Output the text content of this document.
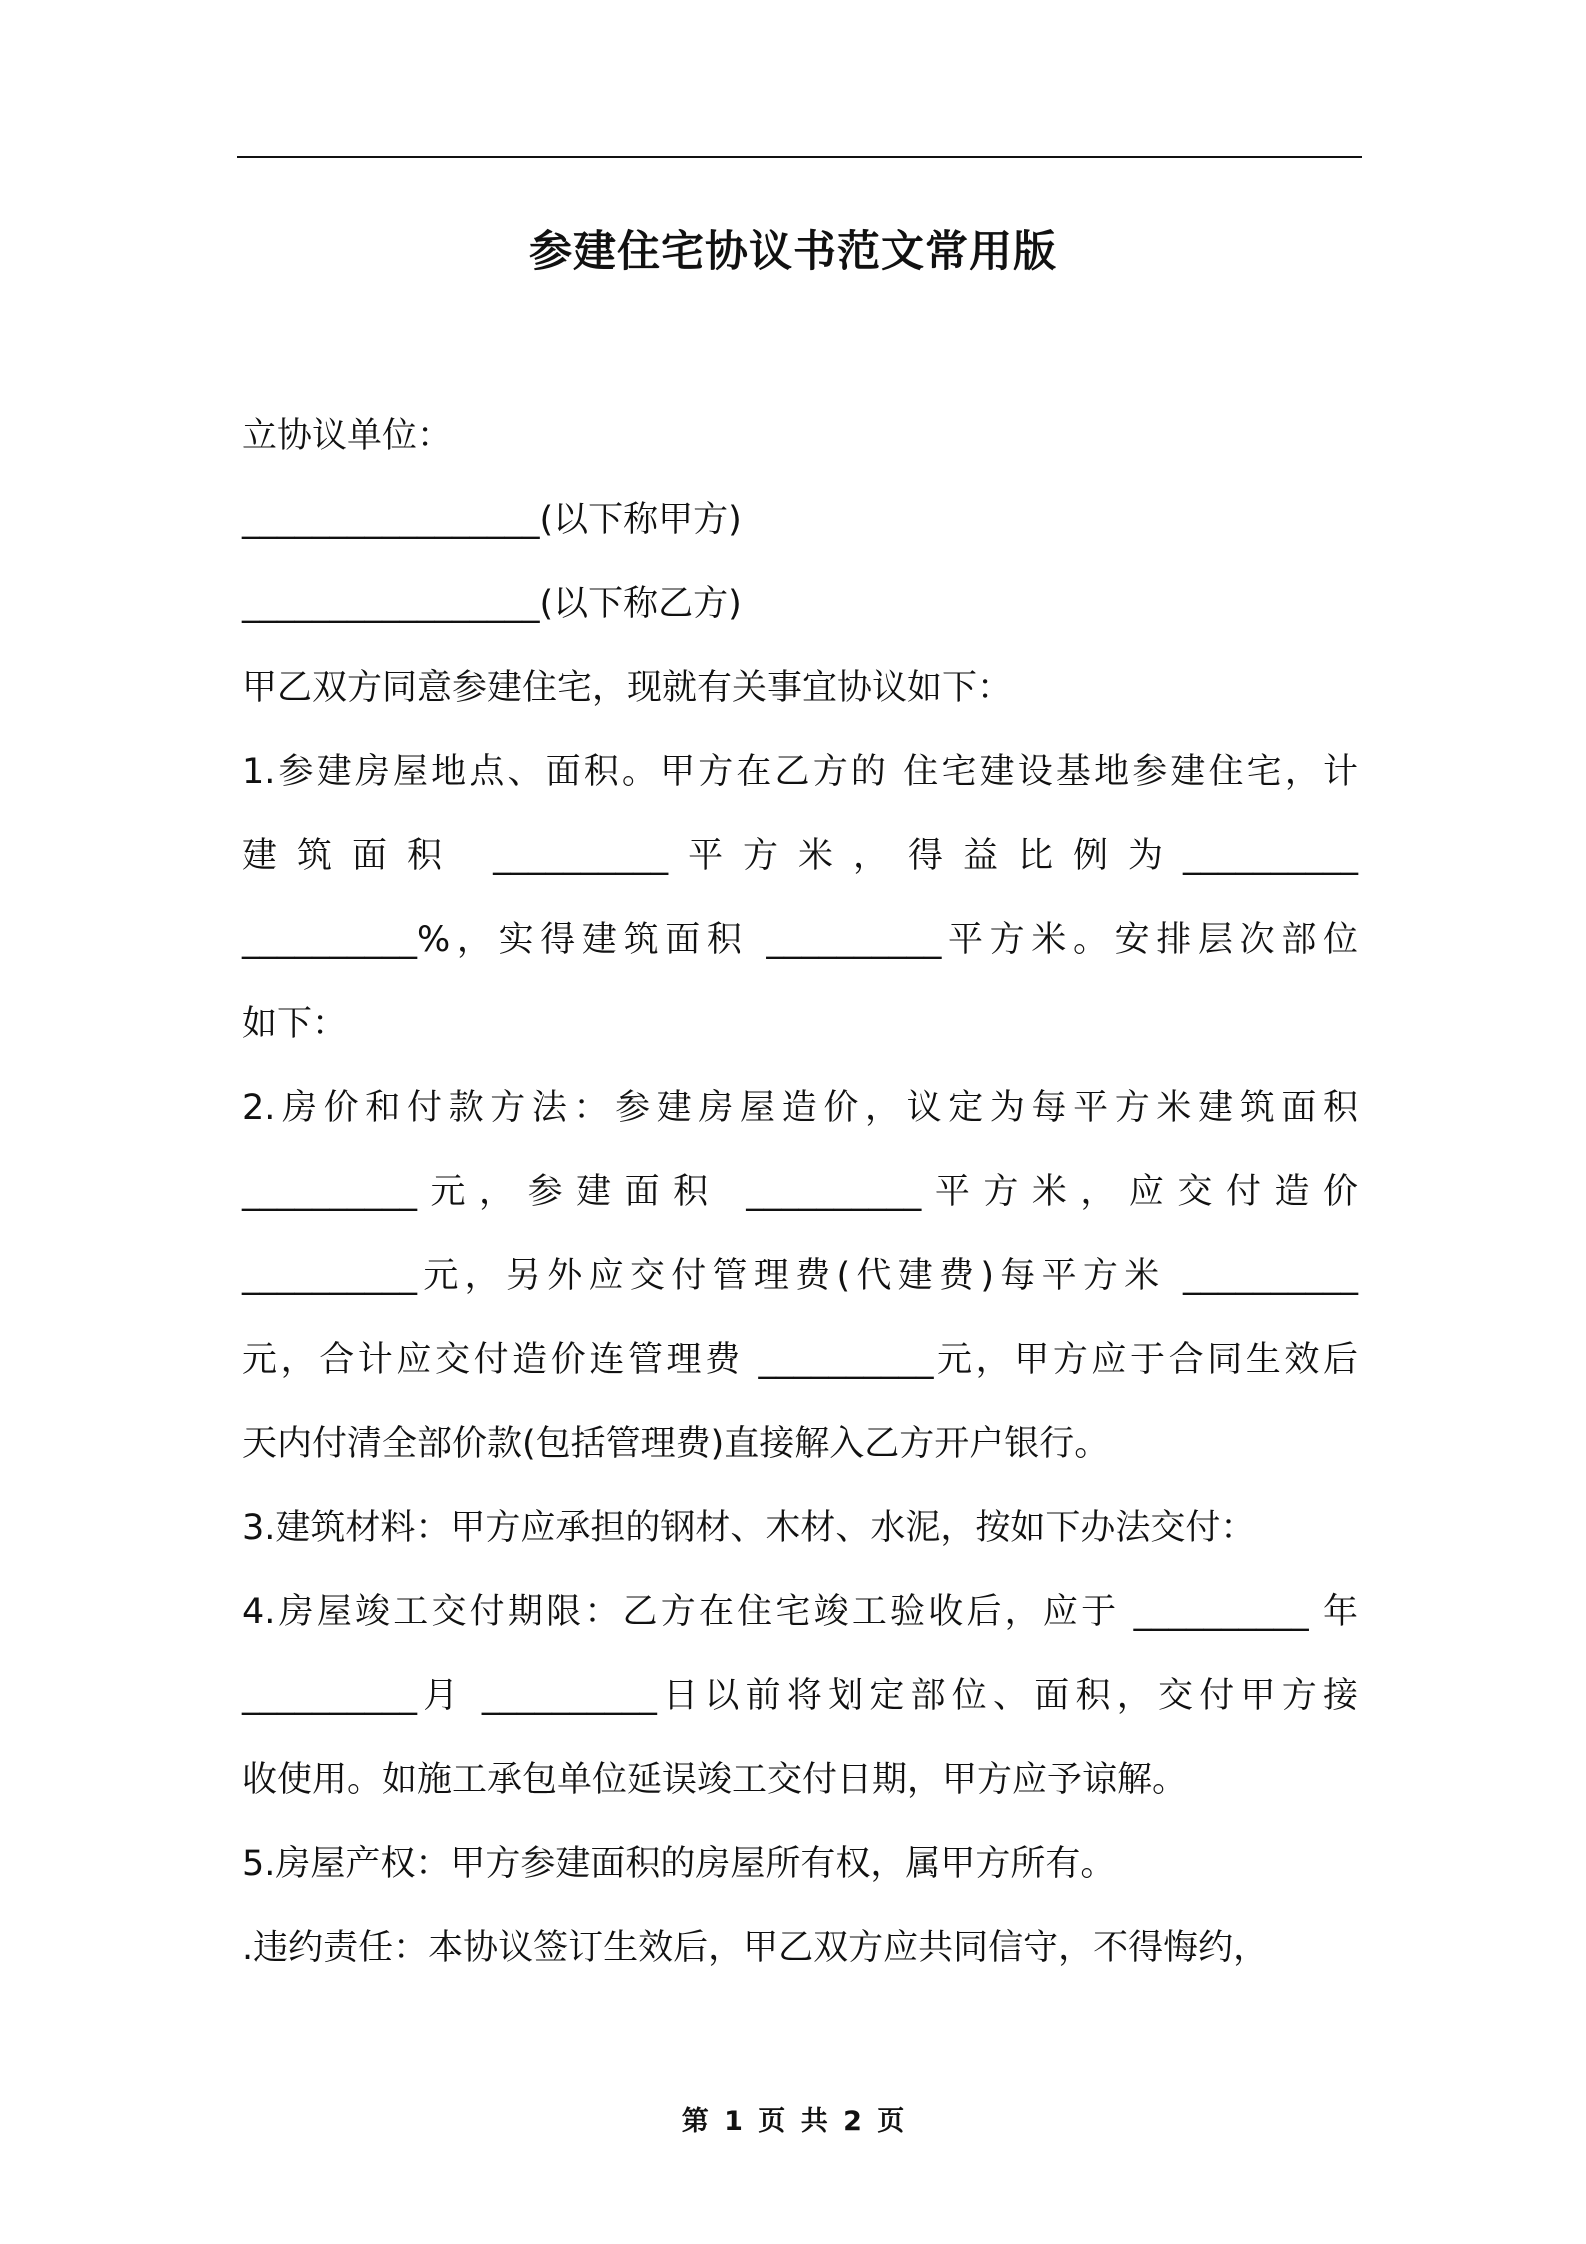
参建住宅协议书范文常用版
立协议单位：
_________________(以下称甲方)
_________________(以下称乙方)
甲乙双方同意参建住宅，现就有关事宜协议如下：
1.参建房屋地点、面积。甲方在乙方的 住宅建设基地参建住宅，计
建筑面积 __________平方米，得益比例为__________
__________%，实得建筑面积 __________平方米。安排层次部位
如下：
2.房价和付款方法：参建房屋造价，议定为每平方米建筑面积
__________元，参建面积 __________平方米，应交付造价
__________元，另外应交付管理费(代建费)每平方米 __________
元，合计应交付造价连管理费 __________元，甲方应于合同生效后
天内付清全部价款(包括管理费)直接解入乙方开户银行。
3.建筑材料：甲方应承担的钢材、木材、水泥，按如下办法交付：
4.房屋竣工交付期限：乙方在住宅竣工验收后，应于 __________ 年
__________月 __________日以前将划定部位、面积，交付甲方接
收使用。如施工承包单位延误竣工交付日期，甲方应予谅解。
5.房屋产权：甲方参建面积的房屋所有权，属甲方所有。
.违约责任：本协议签订生效后，甲乙双方应共同信守，不得悔约，
第 1 页 共 2 页
